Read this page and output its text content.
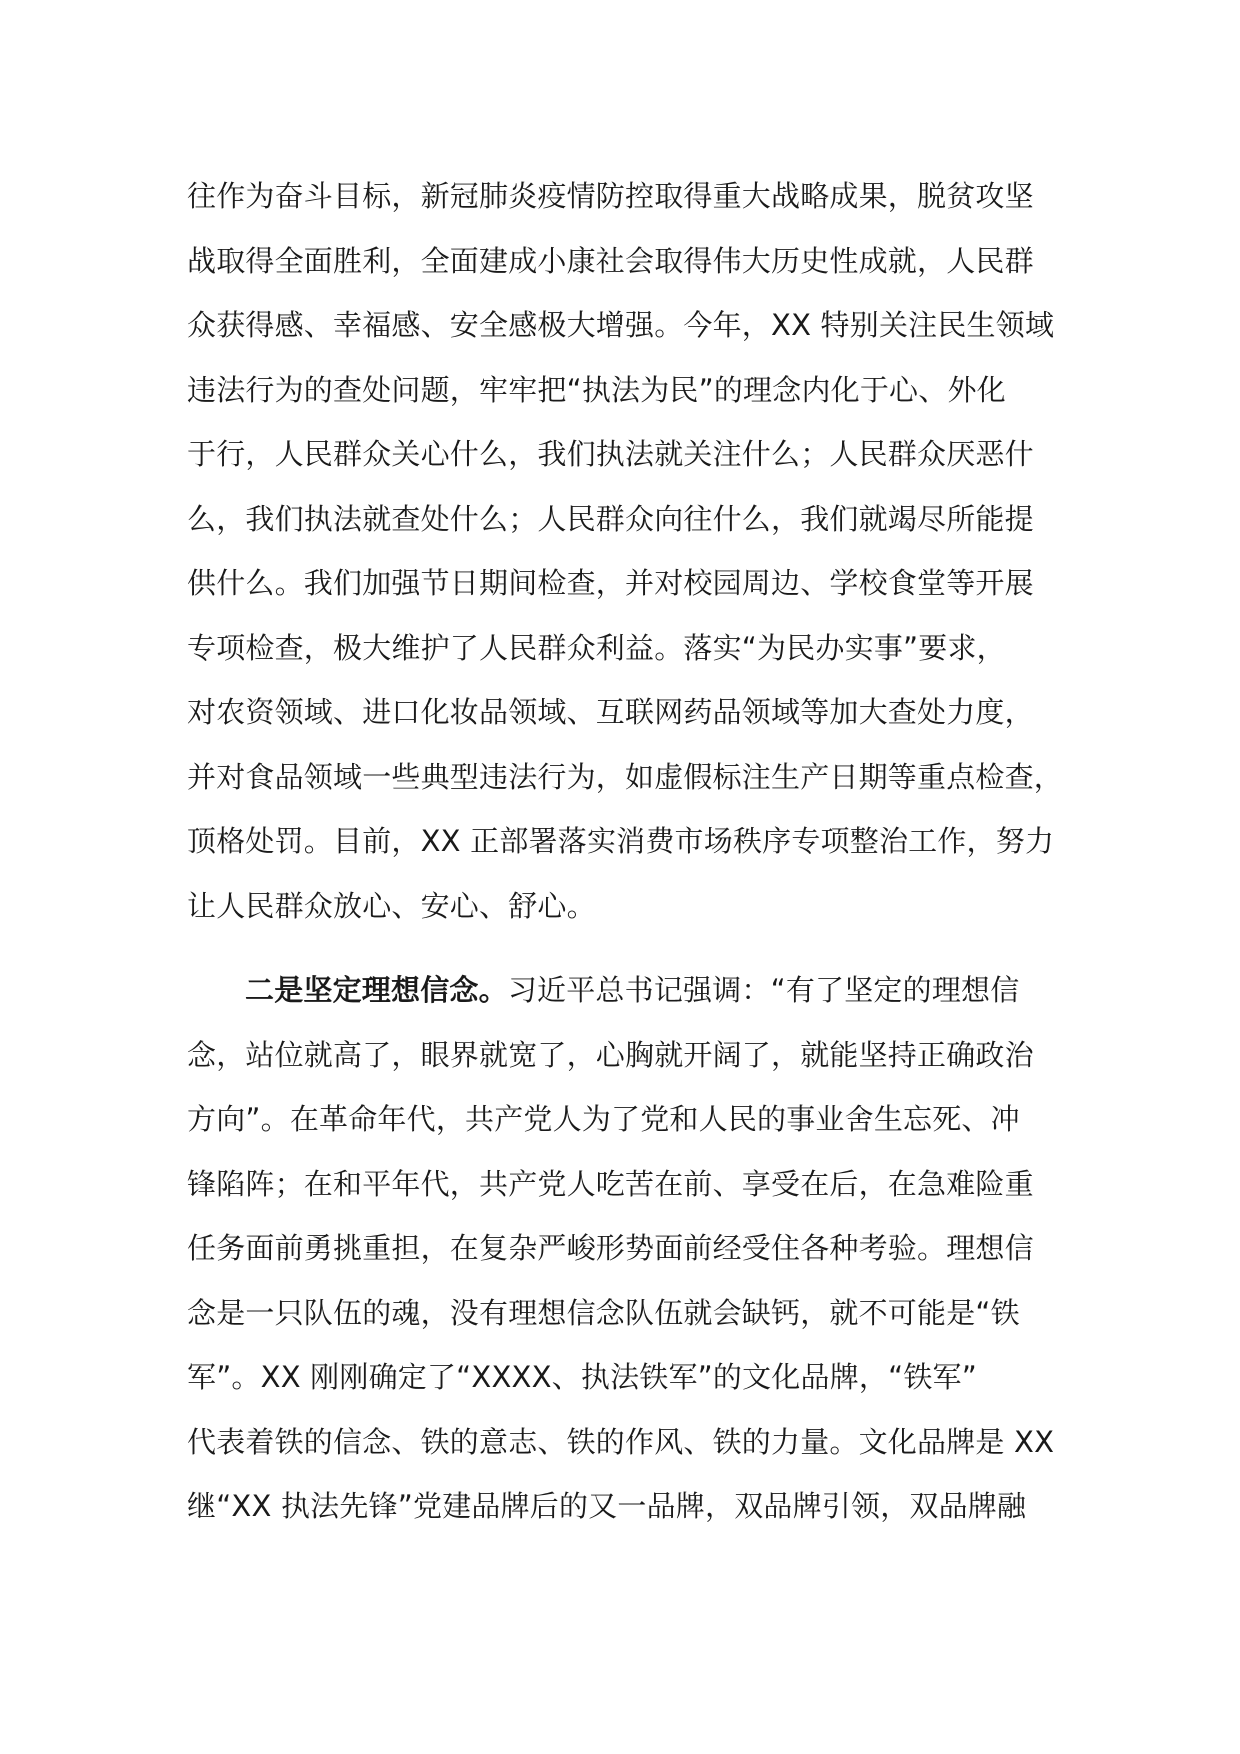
往作为奋斗目标，新冠肺炎疫情防控取得重大战略成果，脱贫攻坚
战取得全面胜利，全面建成小康社会取得伟大历史性成就，人民群
众获得感、幸福感、安全感极大增强。今年，XX 特别关注民生领域
违法行为的查处问题，牢牢把“执法为民”的理念内化于心、外化
于行，人民群众关心什么，我们执法就关注什么；人民群众厌恶什
么，我们执法就查处什么；人民群众向往什么，我们就竭尽所能提
供什么。我们加强节日期间检查，并对校园周边、学校食堂等开展
专项检查，极大维护了人民群众利益。落实“为民办实事”要求，
对农资领域、进口化妆品领域、互联网药品领域等加大查处力度，
并对食品领域一些典型违法行为，如虚假标注生产日期等重点检查，
顶格处罚。目前，XX 正部署落实消费市场秩序专项整治工作，努力
让人民群众放心、安心、舒心。
二是坚定理想信念。习近平总书记强调：“有了坚定的理想信
念，站位就高了，眼界就宽了，心胸就开阔了，就能坚持正确政治
方向”。在革命年代，共产党人为了党和人民的事业舍生忘死、冲
锋陷阵；在和平年代，共产党人吃苦在前、享受在后，在急难险重
任务面前勇挑重担，在复杂严峻形势面前经受住各种考验。理想信
念是一只队伍的魂，没有理想信念队伍就会缺钙，就不可能是“铁
军”。XX 刚刚确定了“XXXX、执法铁军”的文化品牌，“铁军”
代表着铁的信念、铁的意志、铁的作风、铁的力量。文化品牌是 XX
继“XX 执法先锋”党建品牌后的又一品牌，双品牌引领，双品牌融
